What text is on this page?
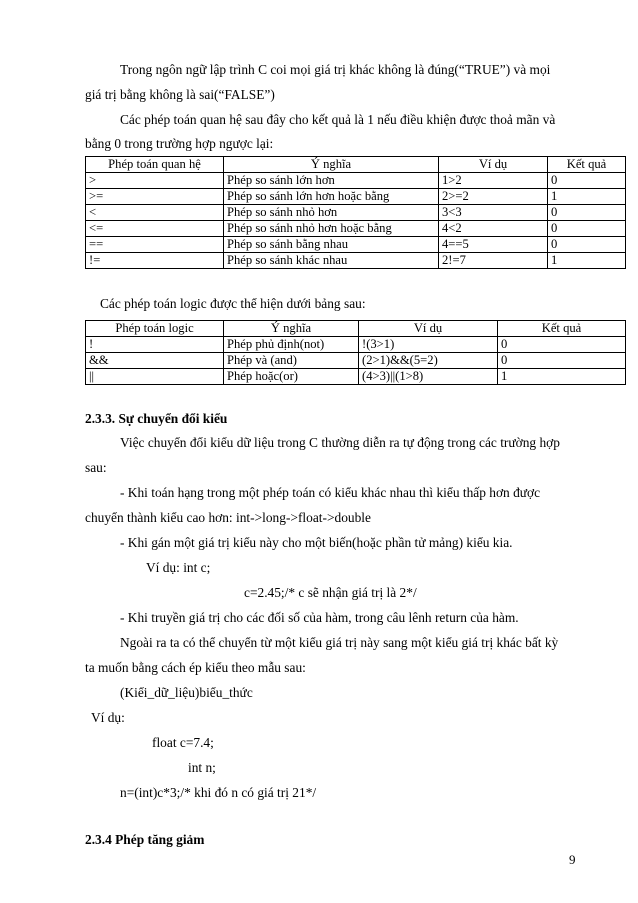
Trong ngôn ngữ lập trình C coi mọi giá trị khác không là đúng(“TRUE”) và mọi
giá trị bằng không là sai(“FALSE”)
Các phép toán quan hệ sau đây cho kết quả là 1 nếu điều khiện được thoả mãn và
bằng 0 trong trường hợp ngược lại:
Phép toán quan hệ	Ý nghĩa	Ví dụ	Kết quả
>	Phép so sánh lớn hơn	1>2	0
>=	Phép so sánh lớn hơn hoặc bằng	2>=2	1
<	Phép so sánh nhỏ hơn	3<3	0
<=	Phép so sánh nhỏ hơn hoặc bằng	4<2	0
==	Phép so sánh bằng nhau	4==5	0
!=	Phép so sánh khác nhau	2!=7	1
Các phép toán logic được thể hiện dưới bảng sau:
Phép toán logic	Ý nghĩa	Ví dụ	Kết quả
!	Phép phủ định(not)	!(3>1)	0
&&	Phép và (and)	(2>1)&&(5=2)	0
||	Phép hoặc(or)	(4>3)||(1>8)	1
2.3.3. Sự chuyển đổi kiểu
Việc chuyển đổi kiểu dữ liệu trong C thường diễn ra tự động trong các trường hợp
sau:
- Khi toán hạng trong một phép toán có kiểu khác nhau thì kiểu thấp hơn được
chuyển thành kiểu cao hơn: int->long->float->double
- Khi gán một giá trị kiểu này cho một biến(hoặc phần tử mảng) kiểu kia.
Ví dụ: int c;
c=2.45;/* c sẽ nhận giá trị là 2*/
- Khi truyền giá trị cho các đối số của hàm, trong câu lênh return của hàm.
Ngoài ra ta có thể chuyển từ một kiểu giá trị này sang một kiểu giá trị khác bất kỳ
ta muốn bằng cách ép kiểu theo mẫu sau:
(Kiểi_dữ_liệu)biểu_thức
Ví dụ:
float c=7.4;
int n;
n=(int)c*3;/* khi đó n có giá trị 21*/
2.3.4 Phép tăng giảm
9
